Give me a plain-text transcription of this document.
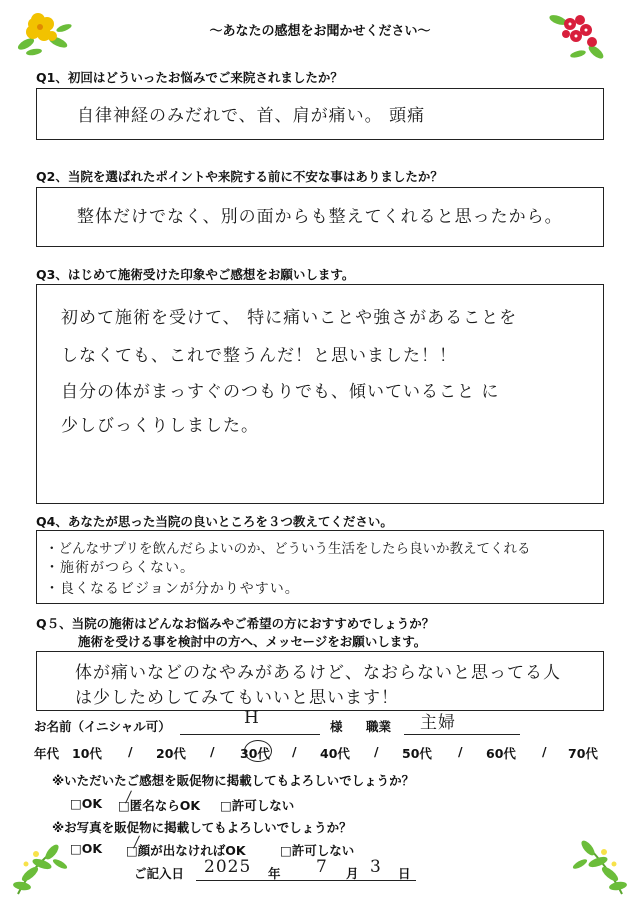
～あなたの感想をお聞かせください～
Q1、初回はどういったお悩みでご来院されましたか？
自律神経のみだれで、首、肩が痛い。 頭痛
Q2、当院を選ばれたポイントや来院する前に不安な事はありましたか？
整体だけでなく、別の面からも整えてくれると思ったから。
Q3、はじめて施術受けた印象やご感想をお願いします。
初めて施術を受けて、 特に痛いことや強さがあることを
しなくても、これで整うんだ！と思いました！！
自分の体がまっすぐのつもりでも、傾いていること に
少しびっくりしました。
Q4、あなたが思った当院の良いところを３つ教えてください。
・どんなサプリを飲んだらよいのか、どういう生活をしたら良いか教えてくれる
・施術がつらくない。
・良くなるビジョンが分かりやすい。
Q５、当院の施術はどんなお悩みやご希望の方におすすめでしょうか？
施術を受ける事を検討中の方へ、メッセージをお願いします。
体が痛いなどのなやみがあるけど、なおらないと思ってる人
は少しためしてみてもいいと思います！
お名前（イニシャル可）	H	様 職業 主婦
年代 10代 / 20代 / 30代 / 40代 / 50代 / 60代 / 70代
※いただいたご感想を販促物に掲載してもよろしいでしょうか？
□OK □匿名ならOK □許可しない
※お写真を販促物に掲載してもよろしいでしょうか？
□OK □顔が出なければOK	□許可しない
ご記入日 2025 年 7 月 3 日
